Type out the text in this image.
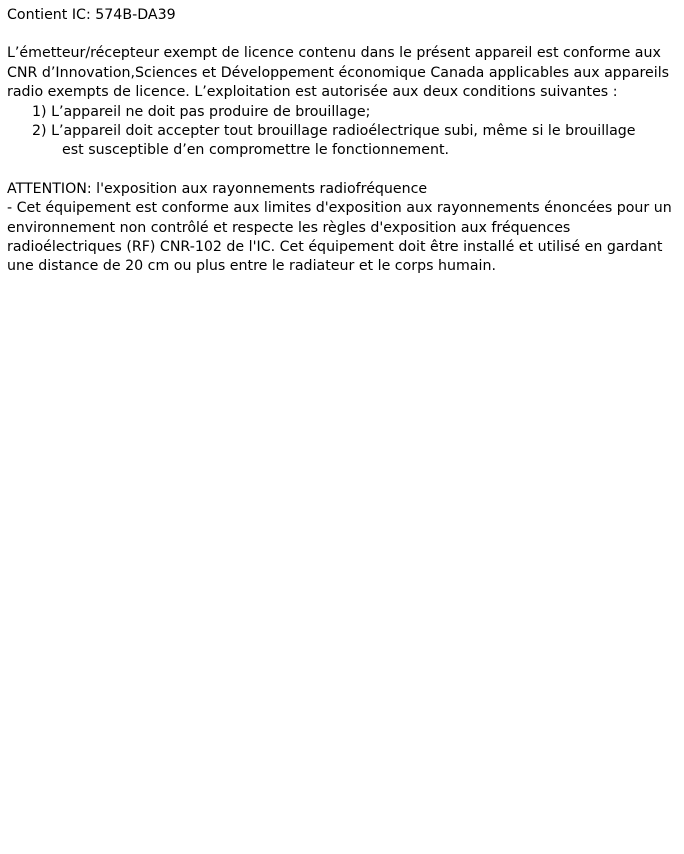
Contient IC: 574B-DA39
L’émetteur/récepteur exempt de licence contenu dans le présent appareil est conforme aux CNR d’Innovation,Sciences et Développement économique Canada applicables aux appareils radio exempts de licence. L’exploitation est autorisée aux deux conditions suivantes :
1) L’appareil ne doit pas produire de brouillage;
2) L’appareil doit accepter tout brouillage radioélectrique subi, même si le brouillage
est susceptible d’en compromettre le fonctionnement.
ATTENTION: l'exposition aux rayonnements radiofréquence
- Cet équipement est conforme aux limites d'exposition aux rayonnements énoncées pour un environnement non contrôlé et respecte les règles d'exposition aux fréquences radioélectriques (RF) CNR-102 de l'IC. Cet équipement doit être installé et utilisé en gardant une distance de 20 cm ou plus entre le radiateur et le corps humain.
